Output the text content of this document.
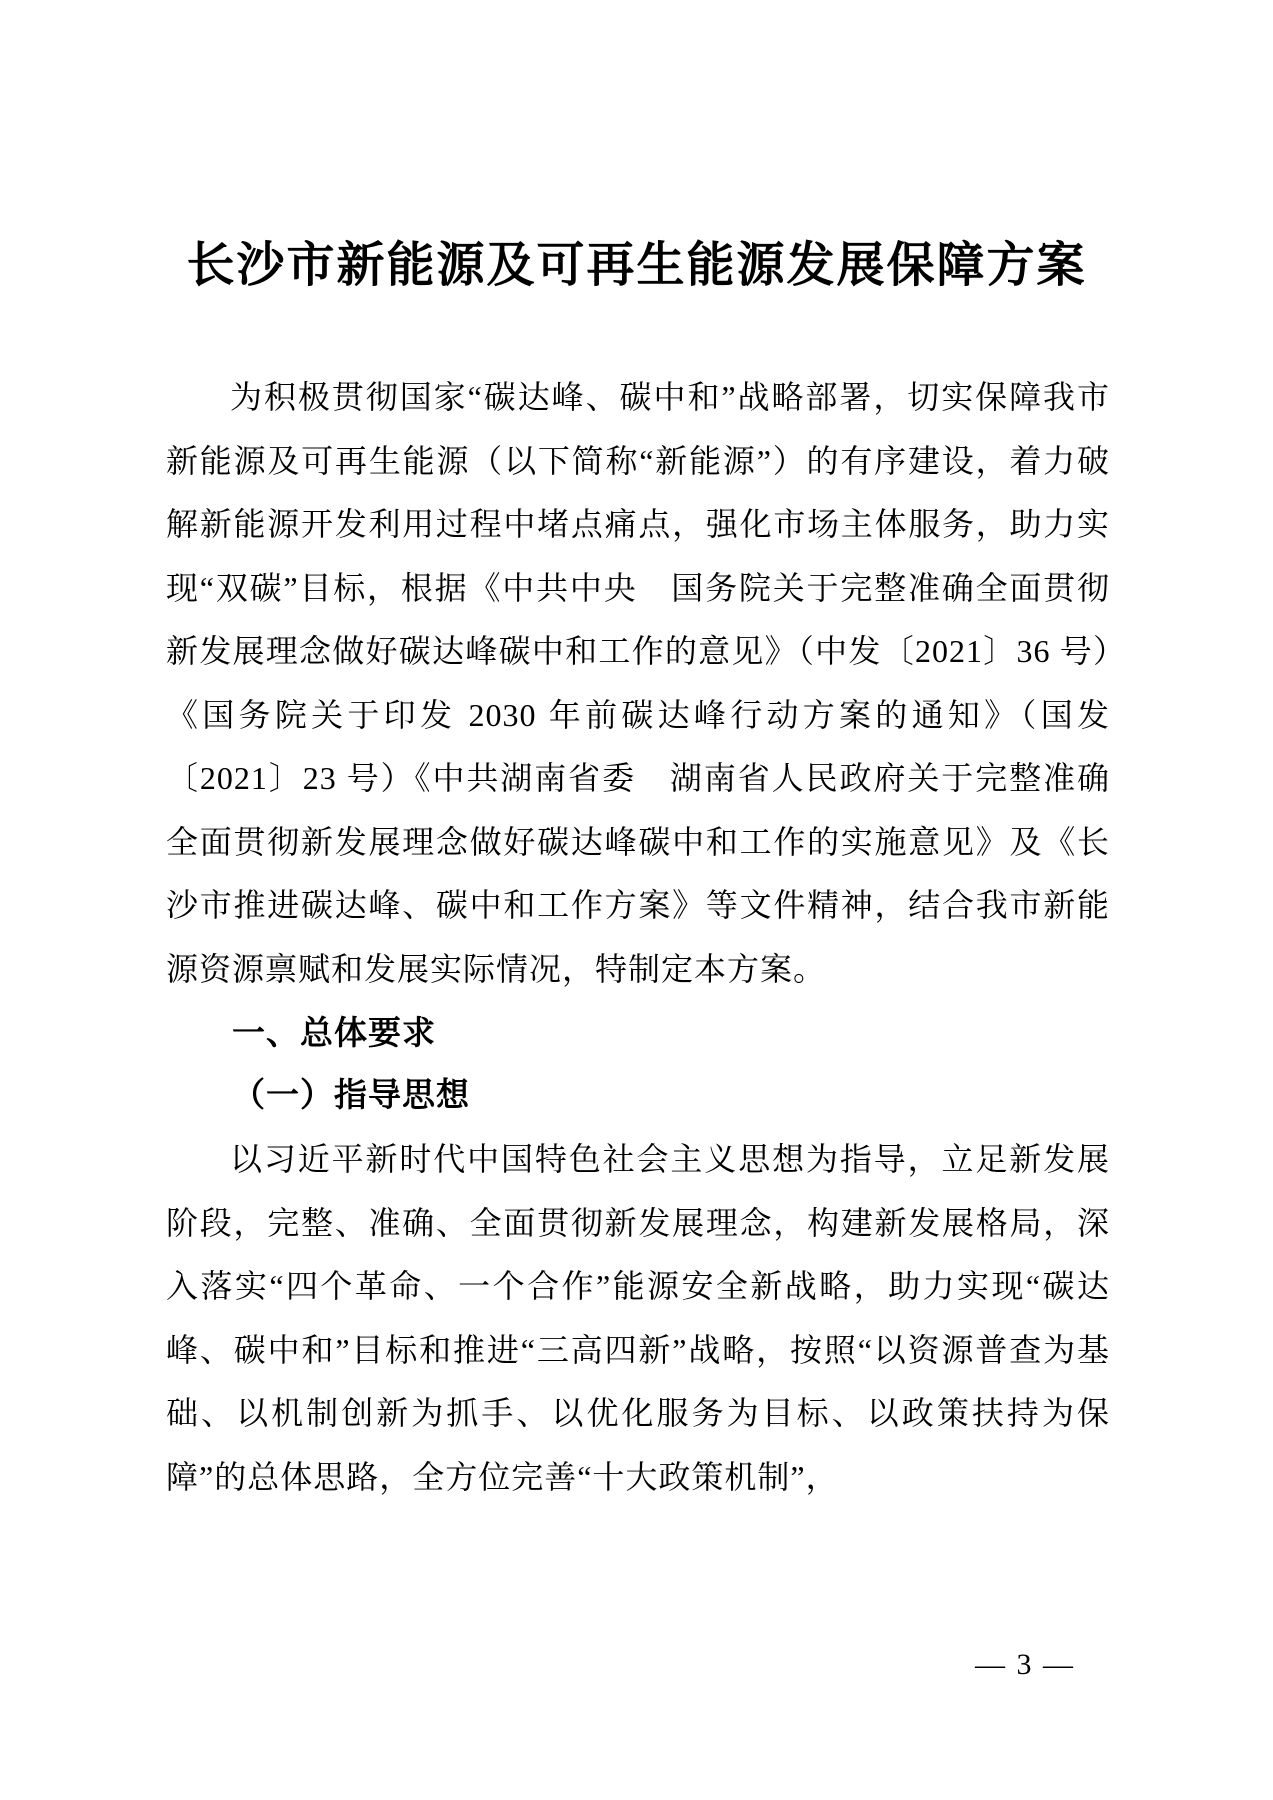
长沙市新能源及可再生能源发展保障方案

为积极贯彻国家“碳达峰、碳中和”战略部署，切实保障我市新能源及可再生能源（以下简称“新能源”）的有序建设，着力破解新能源开发利用过程中堵点痛点，强化市场主体服务，助力实现“双碳”目标，根据《中共中央　国务院关于完整准确全面贯彻新发展理念做好碳达峰碳中和工作的意见》（中发〔2021〕36 号）《国务院关于印发 2030 年前碳达峰行动方案的通知》（国发〔2021〕23 号）《中共湖南省委　湖南省人民政府关于完整准确全面贯彻新发展理念做好碳达峰碳中和工作的实施意见》及《长沙市推进碳达峰、碳中和工作方案》等文件精神，结合我市新能源资源禀赋和发展实际情况，特制定本方案。

一、总体要求
（一）指导思想

以习近平新时代中国特色社会主义思想为指导，立足新发展阶段，完整、准确、全面贯彻新发展理念，构建新发展格局，深入落实“四个革命、一个合作”能源安全新战略，助力实现“碳达峰、碳中和”目标和推进“三高四新”战略，按照“以资源普查为基础、以机制创新为抓手、以优化服务为目标、以政策扶持为保障”的总体思路，全方位完善“十大政策机制”，

— 3 —
